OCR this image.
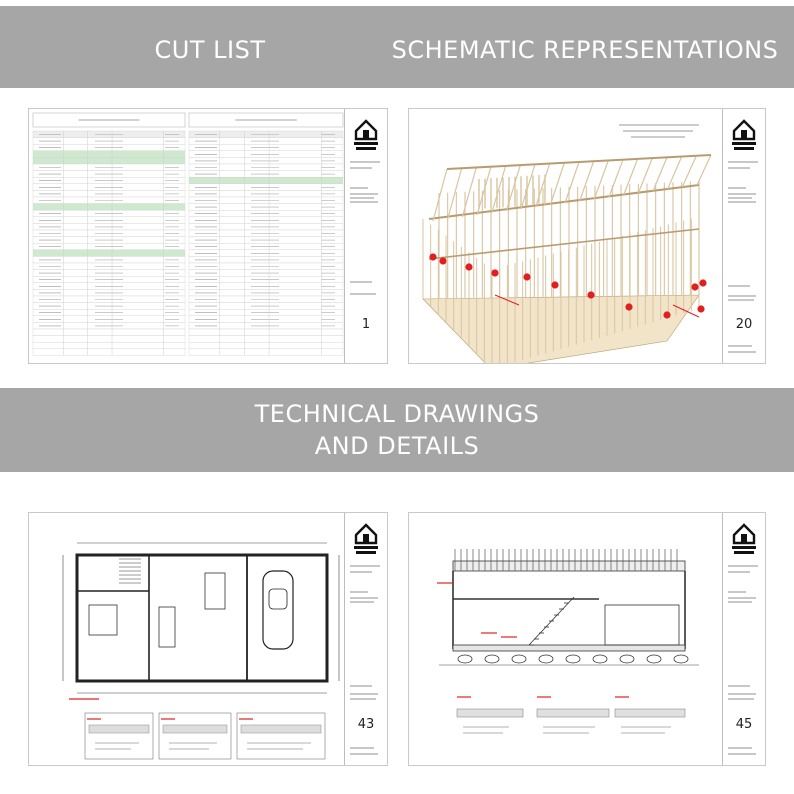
CUT LIST	SCHEMATIC REPRESENTATIONS
TECHNICAL DRAWINGS
AND DETAILS
1	20
43	45
